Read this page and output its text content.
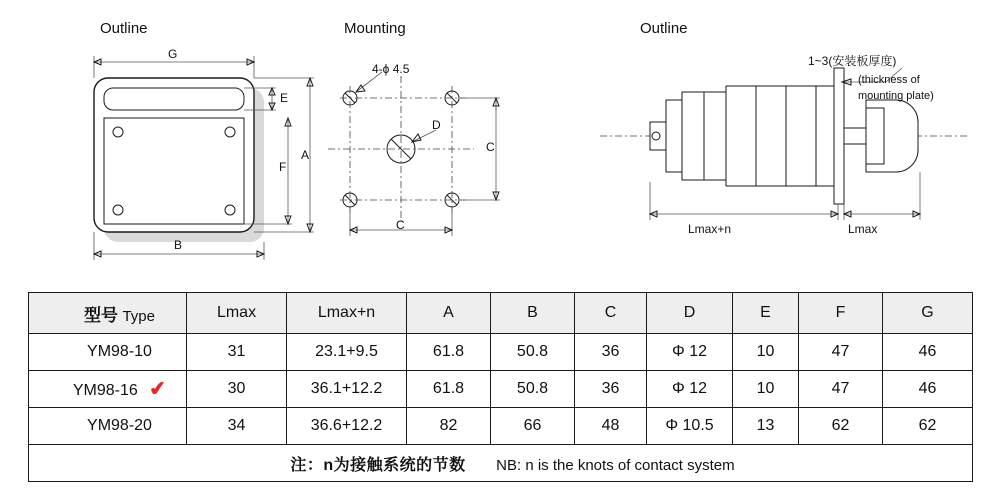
Outline
G
E
F
A
B
Mounting
4-ϕ 4.5
D
C
C
Outline
1~3(安装板厚度)
(thickness of
mounting plate)
Lmax+n	Lmax
型号 Type	Lmax	Lmax+n	A	B	C	D	E	F	G
YM98-10	31	23.1+9.5	61.8	50.8	36	Φ 12	10	47	46
YM98-16 ✔	30	36.1+12.2	61.8	50.8	36	Φ 12	10	47	46
YM98-20	34	36.6+12.2	82	66	48	Φ 10.5	13	62	62
注：n为接触系统的节数 NB: n is the knots of contact system									
